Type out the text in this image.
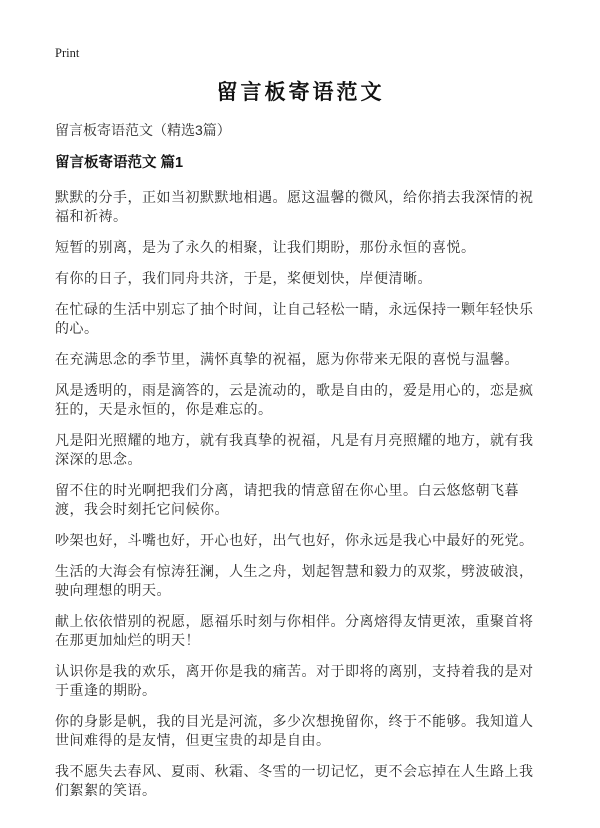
Print
留言板寄语范文
留言板寄语范文（精选3篇）
留言板寄语范文 篇1

默默的分手，正如当初默默地相遇。愿这温馨的微风，给你捎去我深情的祝福和祈祷。

短暂的别离，是为了永久的相聚，让我们期盼，那份永恒的喜悦。

有你的日子，我们同舟共济，于是，桨便划快，岸便清晰。

在忙碌的生活中别忘了抽个时间，让自己轻松一睛，永远保持一颗年轻快乐的心。

在充满思念的季节里，满怀真挚的祝福，愿为你带来无限的喜悦与温馨。

风是透明的，雨是滴答的，云是流动的，歌是自由的，爱是用心的，恋是疯狂的，天是永恒的，你是难忘的。

凡是阳光照耀的地方，就有我真挚的祝福，凡是有月亮照耀的地方，就有我深深的思念。

留不住的时光啊把我们分离，请把我的情意留在你心里。白云悠悠朝飞暮渡，我会时刻托它问候你。

吵架也好，斗嘴也好，开心也好，出气也好，你永远是我心中最好的死党。

生活的大海会有惊涛狂澜，人生之舟，划起智慧和毅力的双浆，劈波破浪，驶向理想的明天。

献上依依惜别的祝愿，愿福乐时刻与你相伴。分离熔得友情更浓，重聚首将在那更加灿烂的明天！

认识你是我的欢乐，离开你是我的痛苦。对于即将的离别，支持着我的是对于重逢的期盼。

你的身影是帆，我的目光是河流，多少次想挽留你，终于不能够。我知道人世间难得的是友情，但更宝贵的却是自由。

我不愿失去春风、夏雨、秋霜、冬雪的一切记忆，更不会忘掉在人生路上我们絮絮的笑语。
